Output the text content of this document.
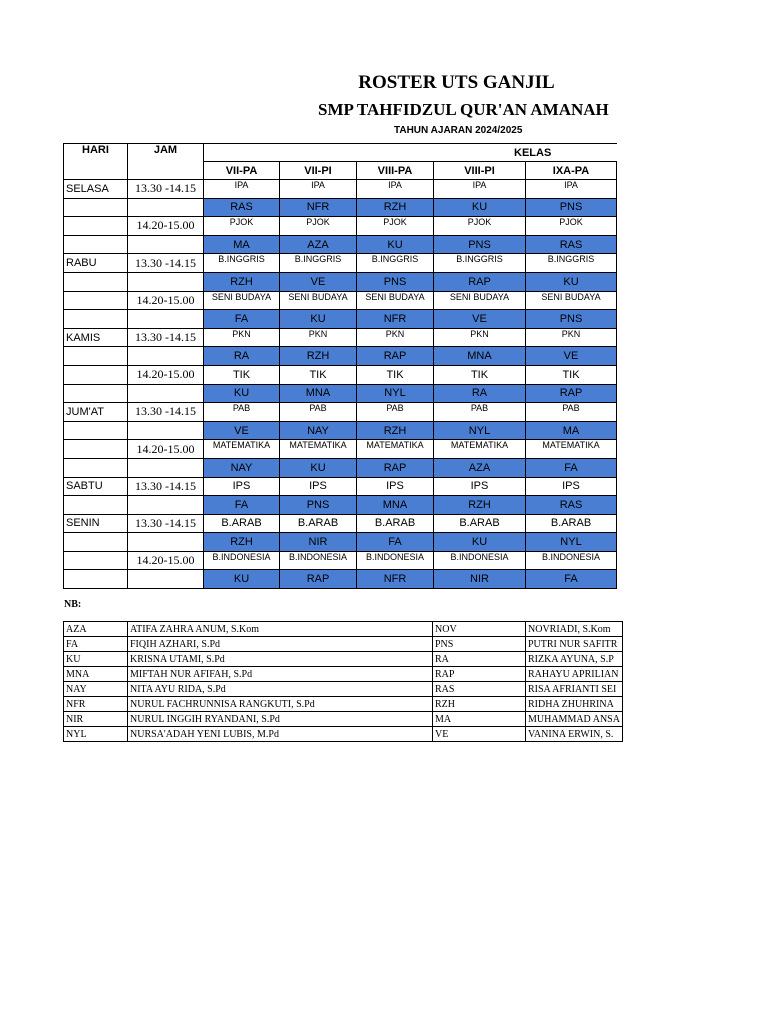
ROSTER UTS GANJIL
SMP TAHFIDZUL QUR'AN AMANAH
TAHUN AJARAN 2024/2025
HARI	JAM	KELAS				
		VII-PA	VII-PI	VIII-PA	VIII-PI	IXA-PA
SELASA	13.30 -14.15	IPA	IPA	IPA	IPA	IPA
		RAS	NFR	RZH	KU	PNS
	14.20-15.00	PJOK	PJOK	PJOK	PJOK	PJOK
		MA	AZA	KU	PNS	RAS
RABU	13.30 -14.15	B.INGGRIS	B.INGGRIS	B.INGGRIS	B.INGGRIS	B.INGGRIS
		RZH	VE	PNS	RAP	KU
	14.20-15.00	SENI BUDAYA	SENI BUDAYA	SENI BUDAYA	SENI BUDAYA	SENI BUDAYA
		FA	KU	NFR	VE	PNS
KAMIS	13.30 -14.15	PKN	PKN	PKN	PKN	PKN
		RA	RZH	RAP	MNA	VE
	14.20-15.00	TIK	TIK	TIK	TIK	TIK
		KU	MNA	NYL	RA	RAP
JUM'AT	13.30 -14.15	PAB	PAB	PAB	PAB	PAB
		VE	NAY	RZH	NYL	MA
	14.20-15.00	MATEMATIKA	MATEMATIKA	MATEMATIKA	MATEMATIKA	MATEMATIKA
		NAY	KU	RAP	AZA	FA
SABTU	13.30 -14.15	IPS	IPS	IPS	IPS	IPS
		FA	PNS	MNA	RZH	RAS
SENIN	13.30 -14.15	B.ARAB	B.ARAB	B.ARAB	B.ARAB	B.ARAB
		RZH	NIR	FA	KU	NYL
	14.20-15.00	B.INDONESIA	B.INDONESIA	B.INDONESIA	B.INDONESIA	B.INDONESIA
		KU	RAP	NFR	NIR	FA
NB:
AZA	ATIFA ZAHRA ANUM, S.Kom	NOV	NOVRIADI, S.Kom
FA	FIQIH AZHARI, S.Pd	PNS	PUTRI NUR SAFITR
KU	KRISNA UTAMI, S.Pd	RA	RIZKA AYUNA, S.P
MNA	MIFTAH NUR AFIFAH, S.Pd	RAP	RAHAYU APRILIAN
NAY	NITA AYU RIDA, S.Pd	RAS	RISA AFRIANTI SEI
NFR	NURUL FACHRUNNISA RANGKUTI, S.Pd	RZH	RIDHA ZHUHRINA
NIR	NURUL INGGIH RYANDANI, S.Pd	MA	MUHAMMAD ANSA
NYL	NURSA'ADAH YENI LUBIS, M.Pd	VE	VANINA ERWIN, S.
